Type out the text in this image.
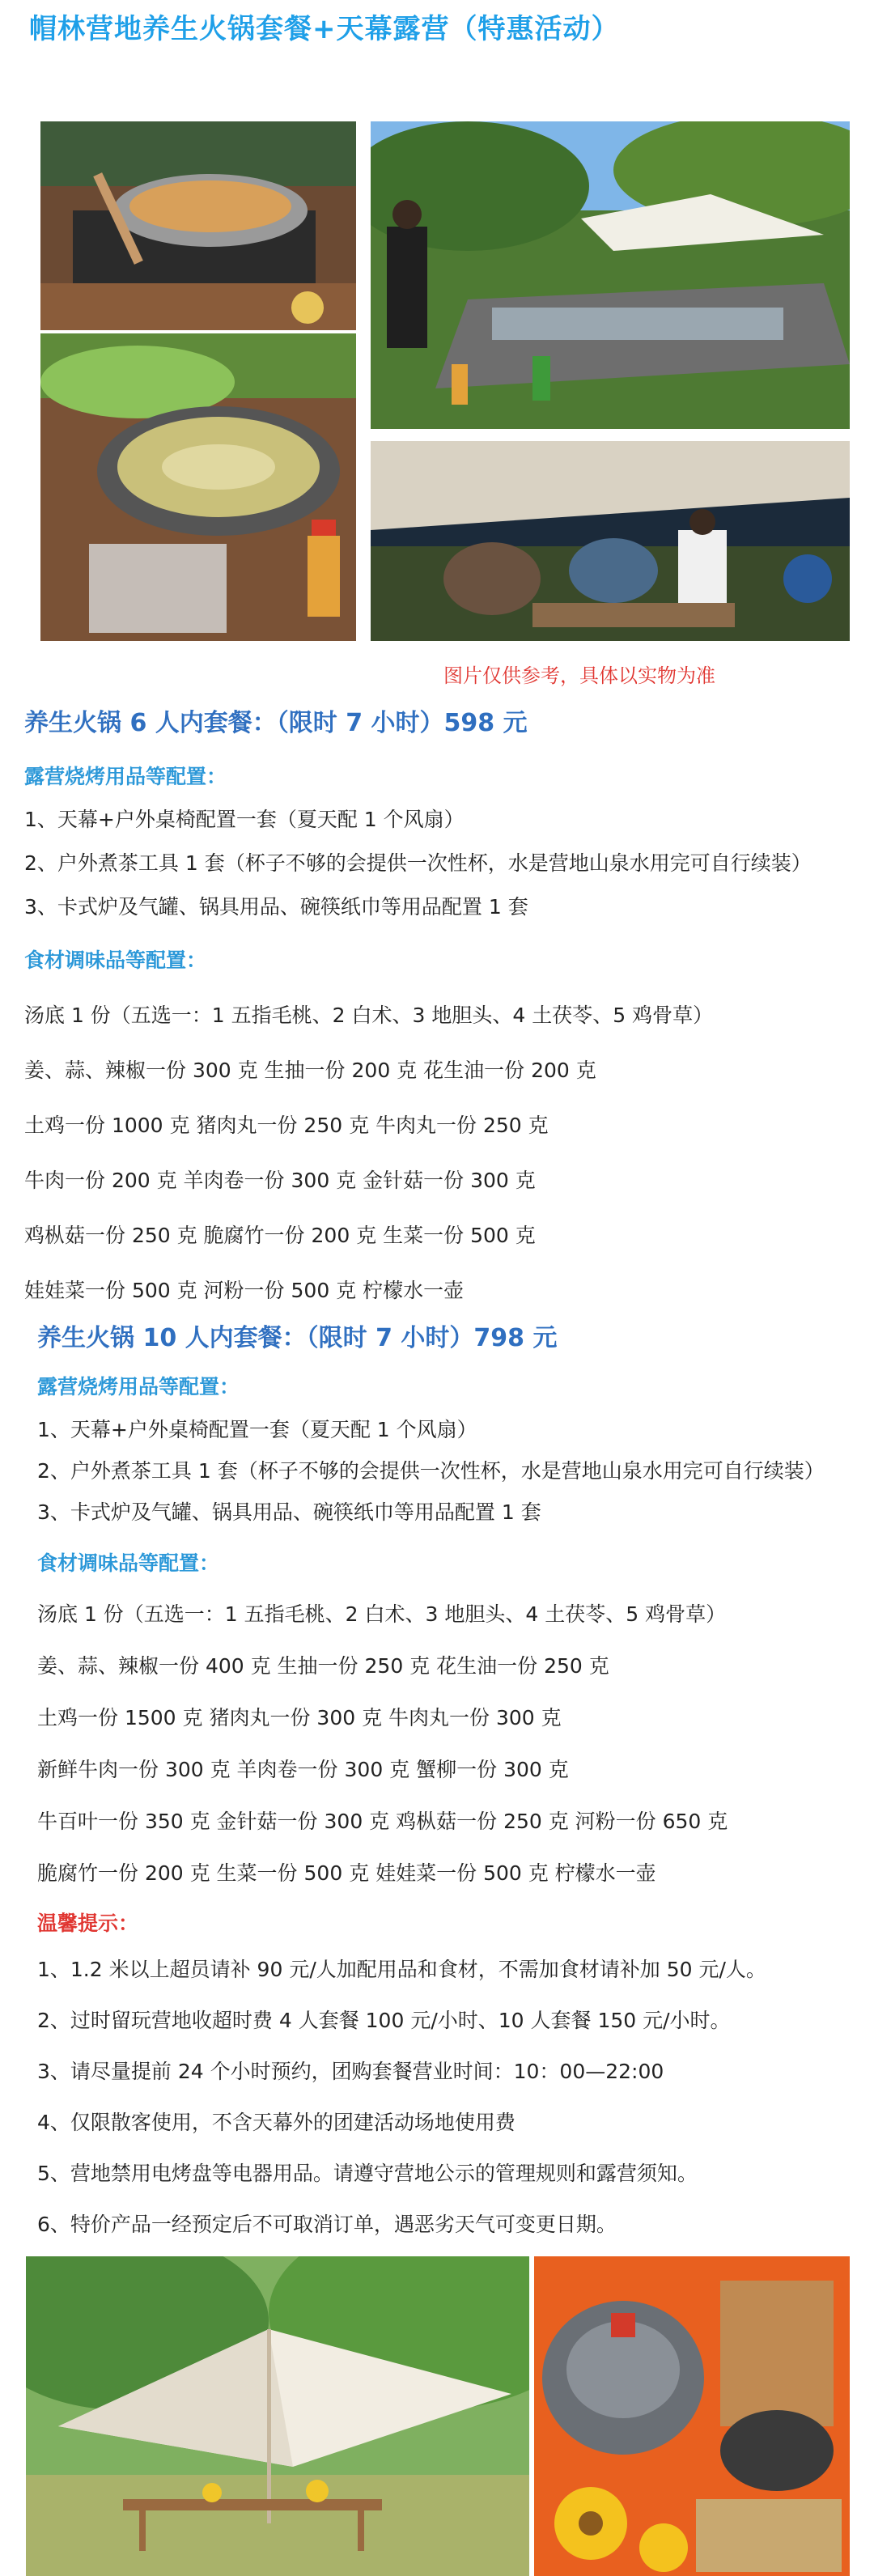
帽林营地养生火锅套餐+天幕露营（特惠活动）
图片仅供参考，具体以实物为准
养生火锅 6 人内套餐：（限时 7 小时）598 元
露营烧烤用品等配置：
1、天幕+户外桌椅配置一套（夏天配 1 个风扇）
2、户外煮茶工具 1 套（杯子不够的会提供一次性杯，水是营地山泉水用完可自行续装）
3、卡式炉及气罐、锅具用品、碗筷纸巾等用品配置 1 套
食材调味品等配置：
汤底 1 份（五选一：1 五指毛桃、2 白术、3 地胆头、4 土茯苓、5 鸡骨草）
姜、蒜、辣椒一份 300 克 生抽一份 200 克 花生油一份 200 克
土鸡一份 1000 克 猪肉丸一份 250 克 牛肉丸一份 250 克
牛肉一份 200 克 羊肉卷一份 300 克 金针菇一份 300 克
鸡枞菇一份 250 克 脆腐竹一份 200 克 生菜一份 500 克
娃娃菜一份 500 克 河粉一份 500 克 柠檬水一壶
养生火锅 10 人内套餐：（限时 7 小时）798 元
露营烧烤用品等配置：
1、天幕+户外桌椅配置一套（夏天配 1 个风扇）
2、户外煮茶工具 1 套（杯子不够的会提供一次性杯，水是营地山泉水用完可自行续装）
3、卡式炉及气罐、锅具用品、碗筷纸巾等用品配置 1 套
食材调味品等配置：
汤底 1 份（五选一：1 五指毛桃、2 白术、3 地胆头、4 土茯苓、5 鸡骨草）
姜、蒜、辣椒一份 400 克 生抽一份 250 克 花生油一份 250 克
土鸡一份 1500 克 猪肉丸一份 300 克 牛肉丸一份 300 克
新鲜牛肉一份 300 克 羊肉卷一份 300 克 蟹柳一份 300 克
牛百叶一份 350 克 金针菇一份 300 克 鸡枞菇一份 250 克 河粉一份 650 克
脆腐竹一份 200 克 生菜一份 500 克 娃娃菜一份 500 克 柠檬水一壶
温馨提示：
1、1.2 米以上超员请补 90 元/人加配用品和食材，不需加食材请补加 50 元/人。
2、过时留玩营地收超时费 4 人套餐 100 元/小时、10 人套餐 150 元/小时。
3、请尽量提前 24 个小时预约，团购套餐营业时间：10：00—22:00
4、仅限散客使用，不含天幕外的团建活动场地使用费
5、营地禁用电烤盘等电器用品。请遵守营地公示的管理规则和露营须知。
6、特价产品一经预定后不可取消订单，遇恶劣天气可变更日期。
